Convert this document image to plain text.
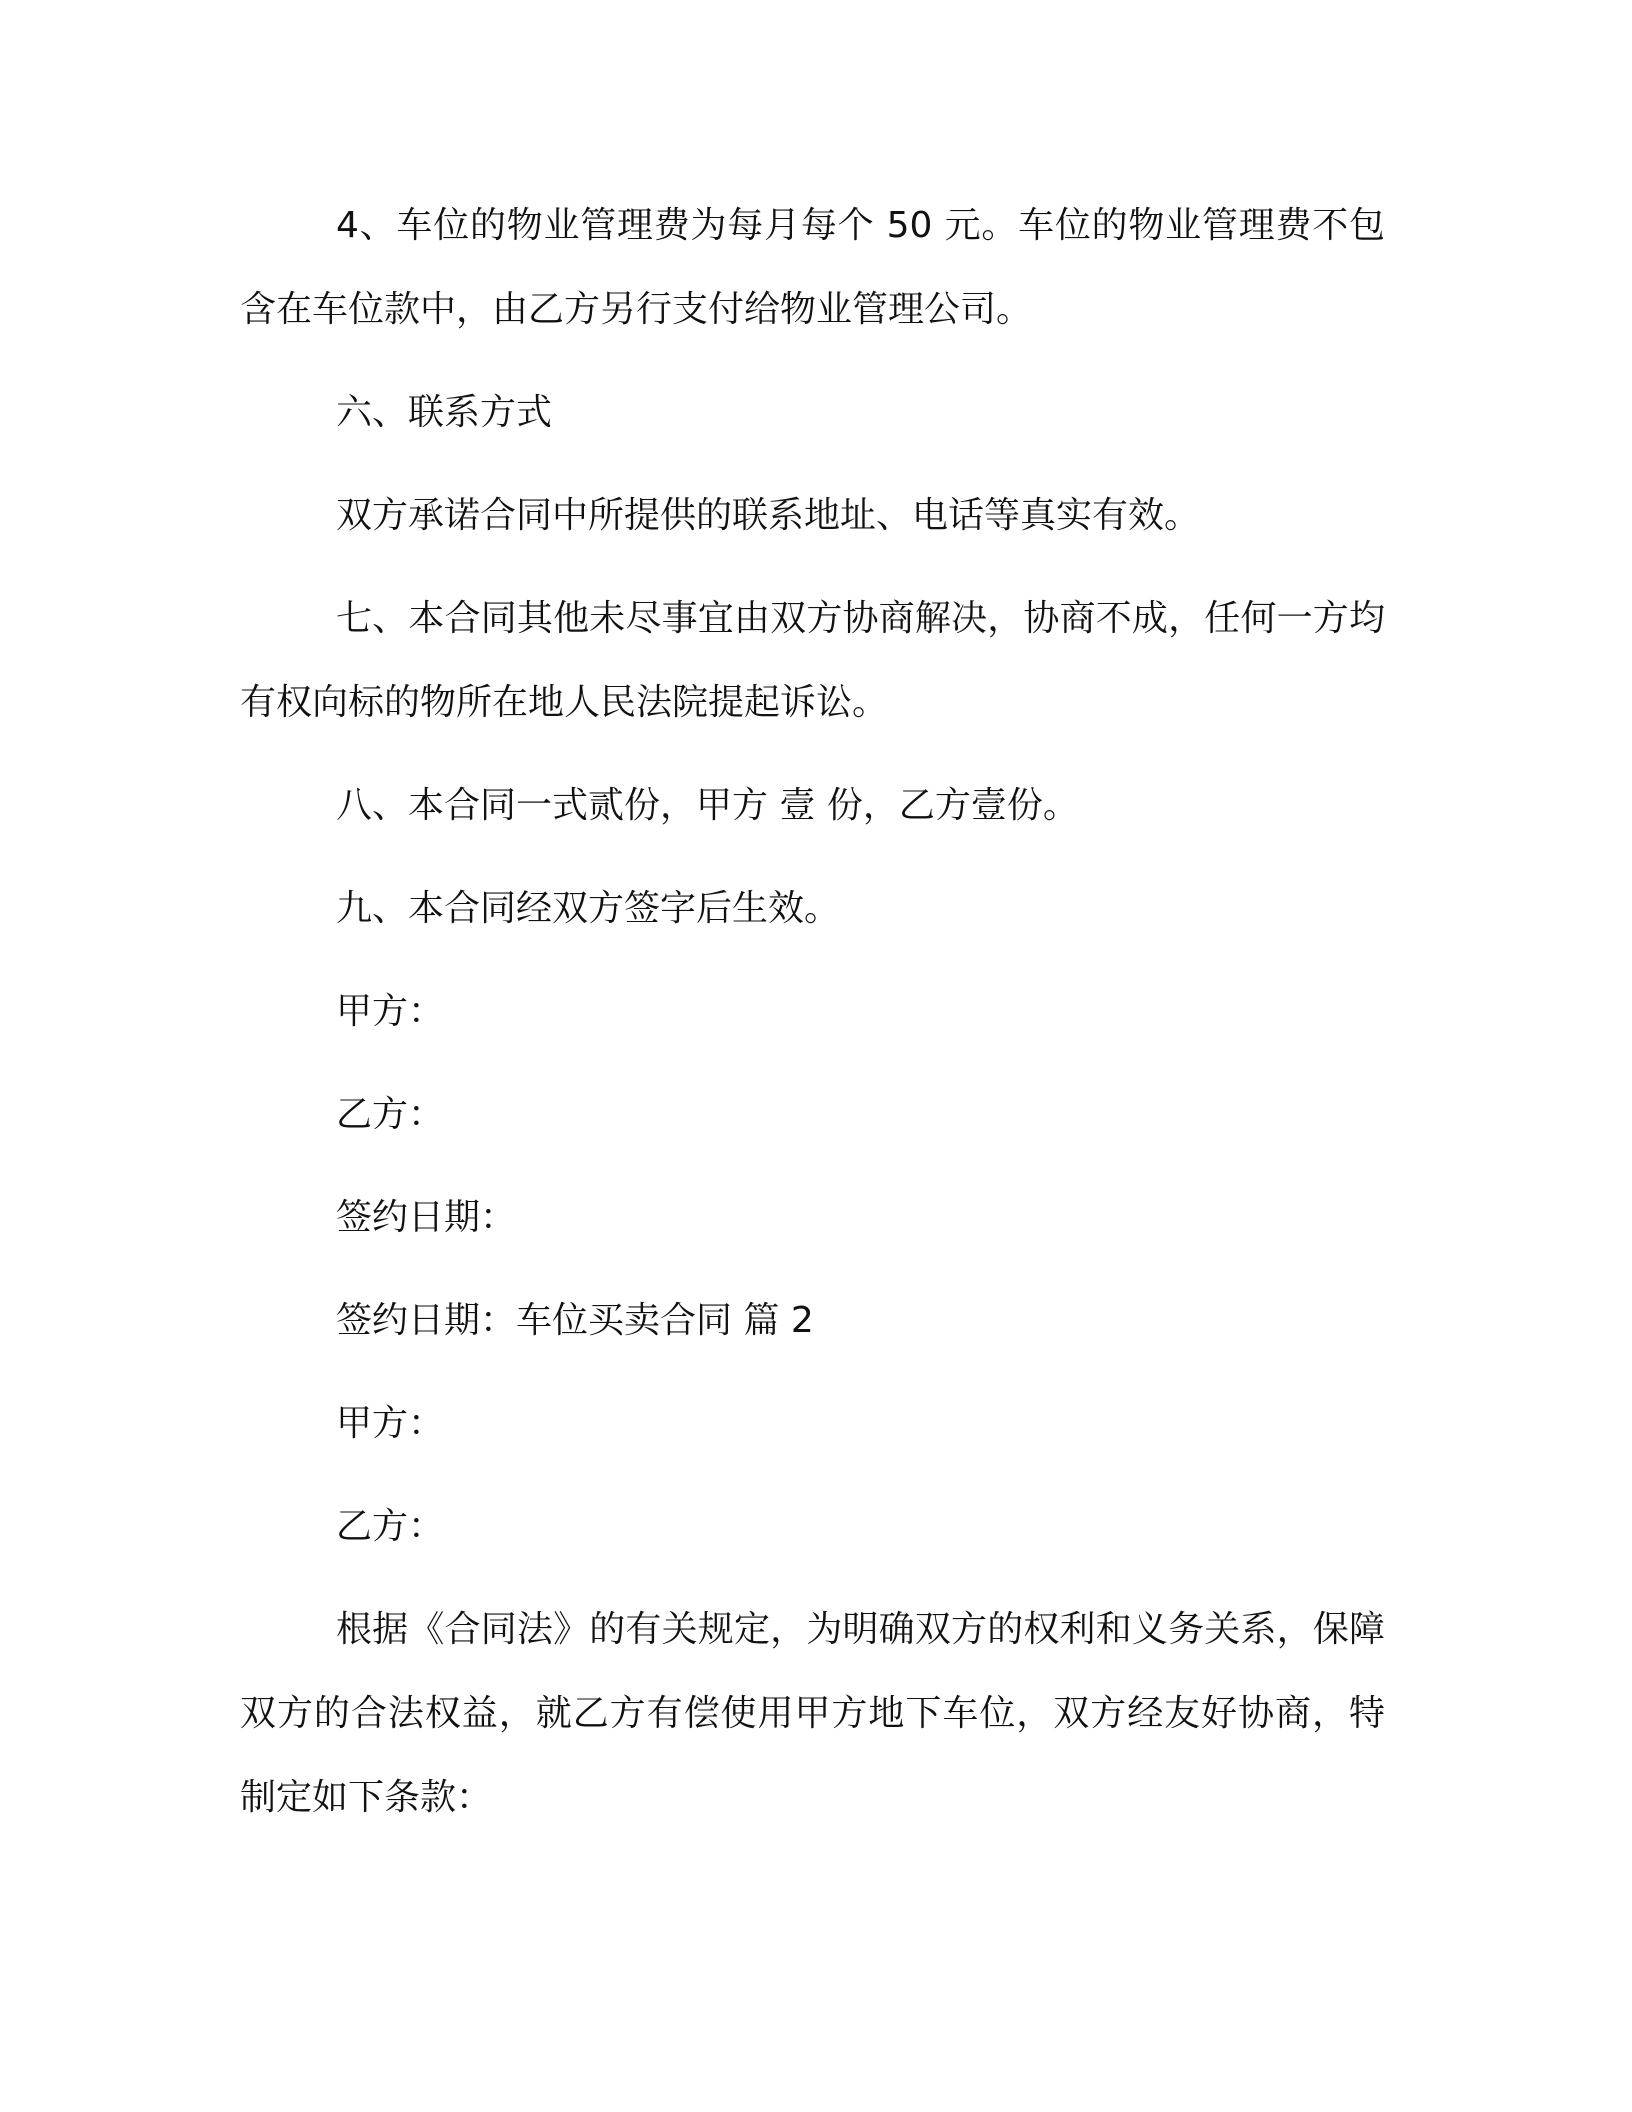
4、车位的物业管理费为每月每个 50 元。车位的物业管理费不包含在车位款中，由乙方另行支付给物业管理公司。

六、联系方式

双方承诺合同中所提供的联系地址、电话等真实有效。

七、本合同其他未尽事宜由双方协商解决，协商不成，任何一方均有权向标的物所在地人民法院提起诉讼。

八、本合同一式贰份，甲方 壹 份，乙方壹份。

九、本合同经双方签字后生效。

甲方：

乙方：

签约日期：

签约日期：车位买卖合同 篇 2

甲方：

乙方：

根据《合同法》的有关规定，为明确双方的权利和义务关系，保障双方的合法权益，就乙方有偿使用甲方地下车位，双方经友好协商，特制定如下条款：
